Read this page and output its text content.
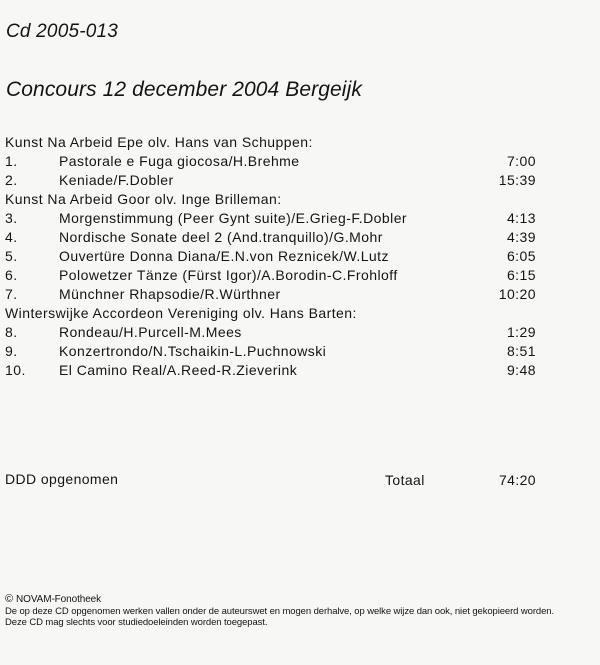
Cd 2005-013
Concours 12 december 2004 Bergeijk
Kunst Na Arbeid Epe olv. Hans van Schuppen:
1.	Pastorale e Fuga giocosa/H.Brehme	7:00
2.	Keniade/F.Dobler	15:39
Kunst Na Arbeid Goor olv. Inge Brilleman:
3.	Morgenstimmung (Peer Gynt suite)/E.Grieg-F.Dobler	4:13
4.	Nordische Sonate deel 2 (And.tranquillo)/G.Mohr	4:39
5.	Ouvertüre Donna Diana/E.N.von Reznicek/W.Lutz	6:05
6.	Polowetzer Tänze (Fürst Igor)/A.Borodin-C.Frohloff	6:15
7.	Münchner Rhapsodie/R.Würthner	10:20
Winterswijke Accordeon Vereniging olv. Hans Barten:
8.	Rondeau/H.Purcell-M.Mees	1:29
9.	Konzertrondo/N.Tschaikin-L.Puchnowski	8:51
10. El Camino Real/A.Reed-R.Zieverink	9:48
DDD opgenomen	Totaal	74:20
© NOVAM-Fonotheek
De op deze CD opgenomen werken vallen onder de auteurswet en mogen derhalve, op welke wijze dan ook, niet gekopieerd worden.
Deze CD mag slechts voor studiedoeleinden worden toegepast.
